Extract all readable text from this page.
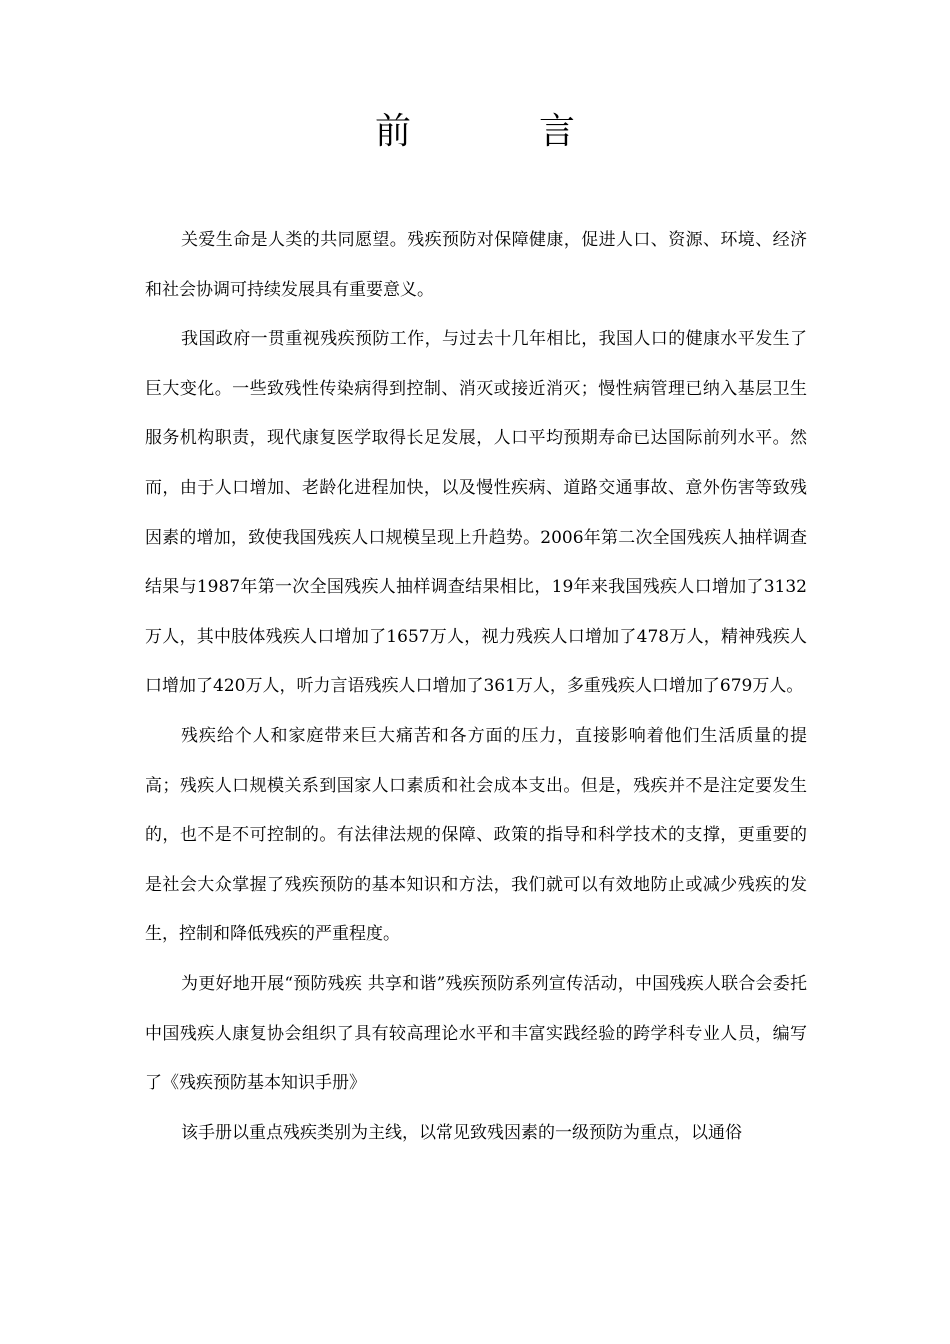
前　言

关爱生命是人类的共同愿望。残疾预防对保障健康，促进人口、资源、环境、经济和社会协调可持续发展具有重要意义。

我国政府一贯重视残疾预防工作，与过去十几年相比，我国人口的健康水平发生了巨大变化。一些致残性传染病得到控制、消灭或接近消灭；慢性病管理已纳入基层卫生服务机构职责，现代康复医学取得长足发展，人口平均预期寿命已达国际前列水平。然而，由于人口增加、老龄化进程加快，以及慢性疾病、道路交通事故、意外伤害等致残因素的增加，致使我国残疾人口规模呈现上升趋势。2006年第二次全国残疾人抽样调查结果与1987年第一次全国残疾人抽样调查结果相比，19年来我国残疾人口增加了3132万人，其中肢体残疾人口增加了1657万人，视力残疾人口增加了478万人，精神残疾人口增加了420万人，听力言语残疾人口增加了361万人，多重残疾人口增加了679万人。

残疾给个人和家庭带来巨大痛苦和各方面的压力，直接影响着他们生活质量的提高；残疾人口规模关系到国家人口素质和社会成本支出。但是，残疾并不是注定要发生的，也不是不可控制的。有法律法规的保障、政策的指导和科学技术的支撑，更重要的是社会大众掌握了残疾预防的基本知识和方法，我们就可以有效地防止或减少残疾的发生，控制和降低残疾的严重程度。

为更好地开展“预防残疾 共享和谐”残疾预防系列宣传活动，中国残疾人联合会委托中国残疾人康复协会组织了具有较高理论水平和丰富实践经验的跨学科专业人员，编写了《残疾预防基本知识手册》

该手册以重点残疾类别为主线，以常见致残因素的一级预防为重点，以通俗
